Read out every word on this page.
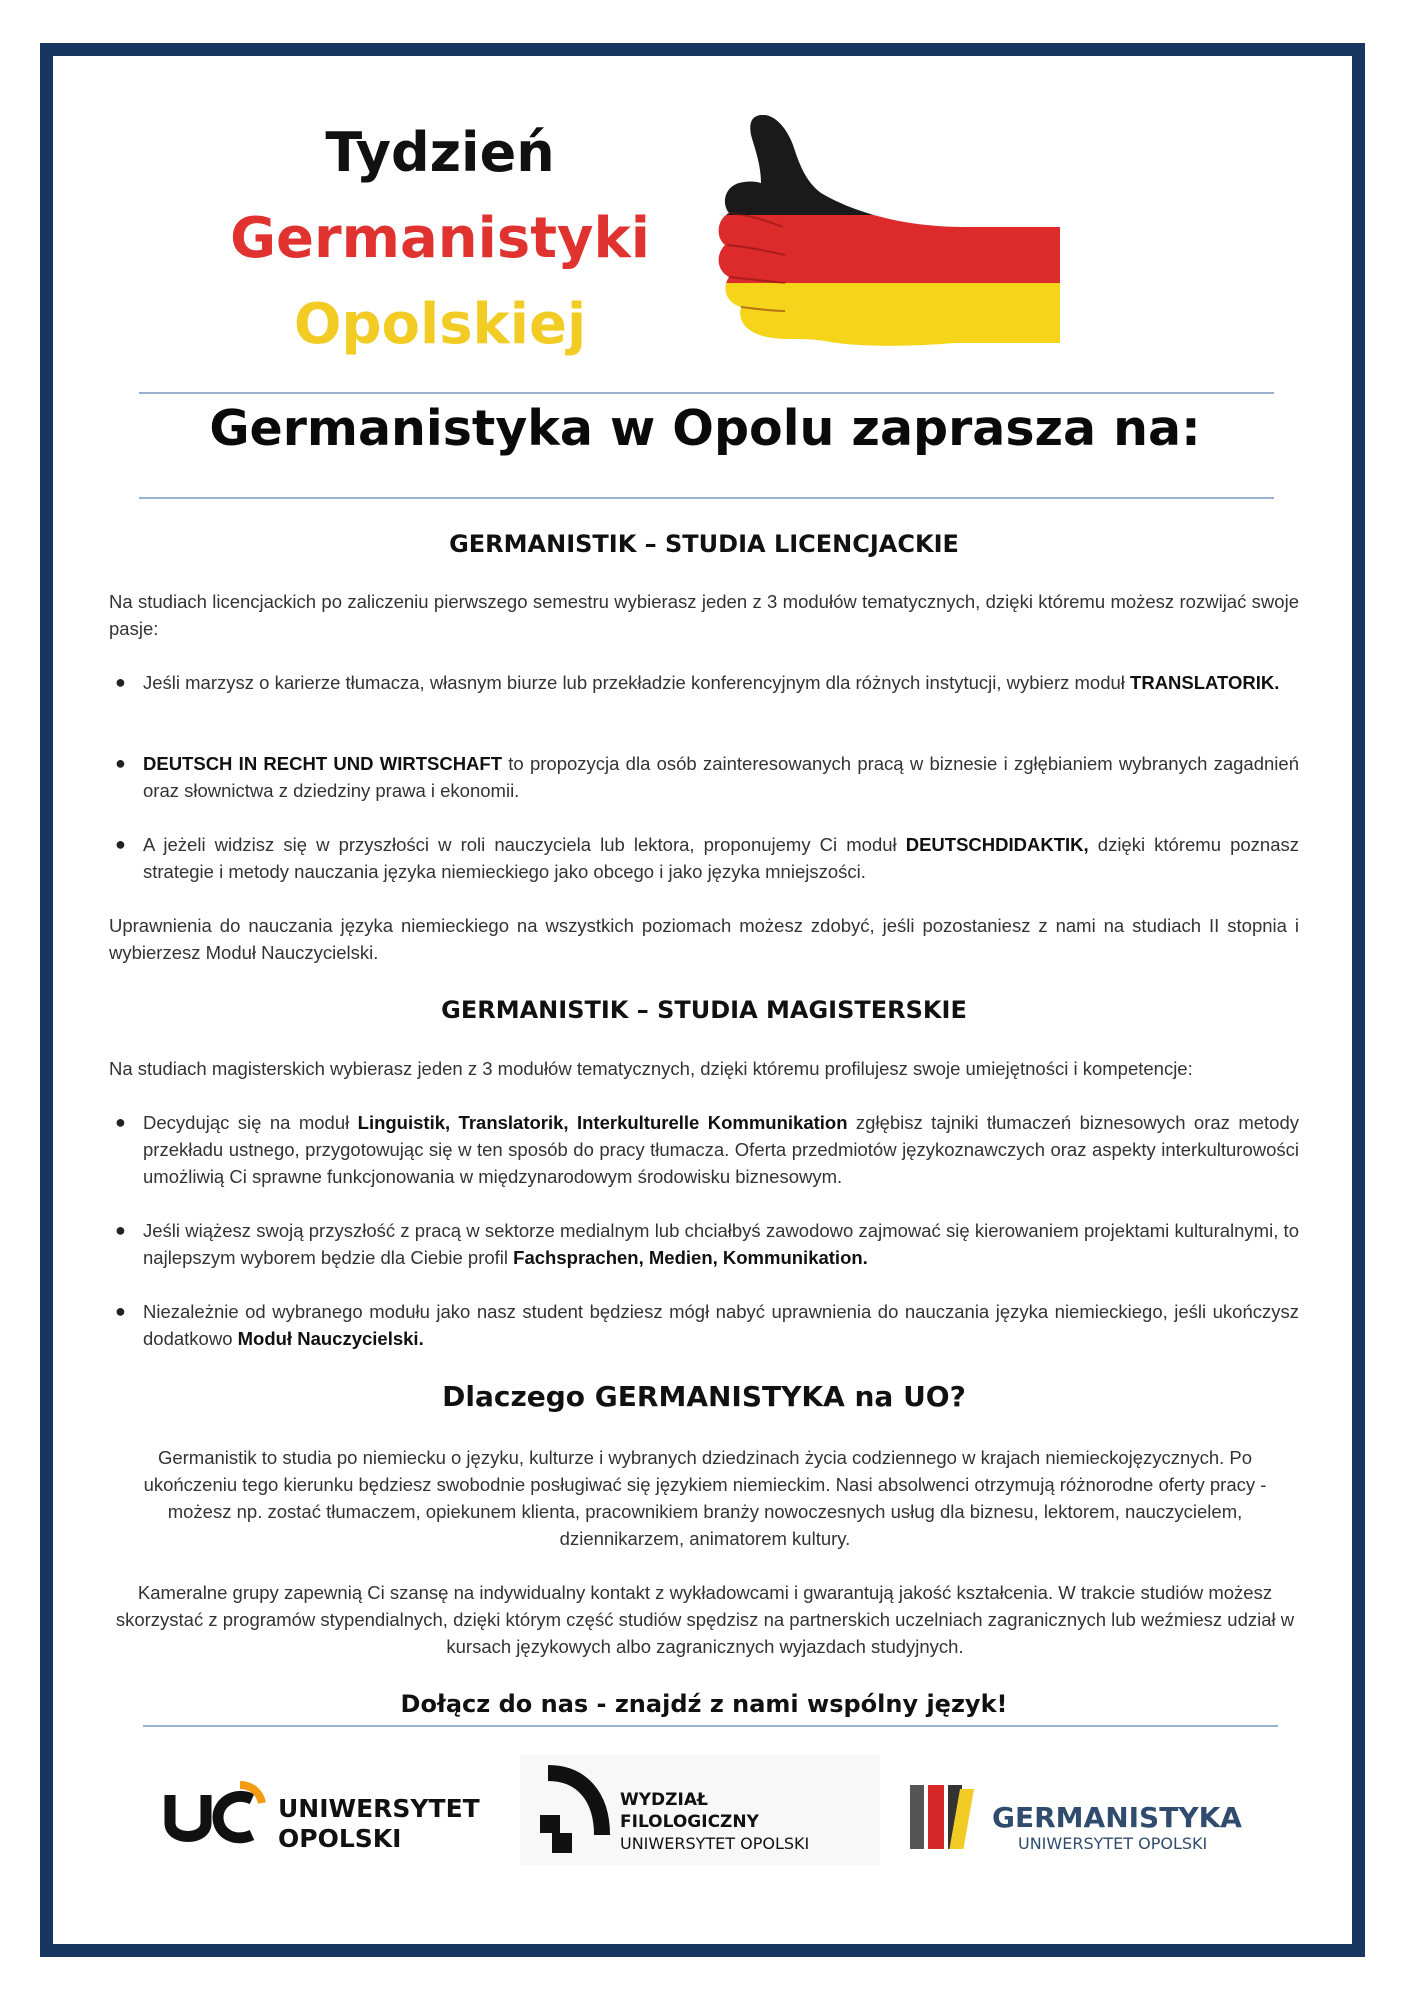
Tydzień
Germanistyki
Opolskiej
Germanistyka w Opolu zaprasza na:
GERMANISTIK – STUDIA LICENCJACKIE
Na studiach licencjackich po zaliczeniu pierwszego semestru wybierasz jeden z 3 modułów tematycznych, dzięki któremu możesz rozwijać swoje pasje:
● Jeśli marzysz o karierze tłumacza, własnym biurze lub przekładzie konferencyjnym dla różnych instytucji, wybierz moduł TRANSLATORIK.
● DEUTSCH IN RECHT UND WIRTSCHAFT to propozycja dla osób zainteresowanych pracą w biznesie i zgłębianiem wybranych zagadnień oraz słownictwa z dziedziny prawa i ekonomii.
● A jeżeli widzisz się w przyszłości w roli nauczyciela lub lektora, proponujemy Ci moduł DEUTSCHDIDAKTIK, dzięki któremu poznasz strategie i metody nauczania języka niemieckiego jako obcego i jako języka mniejszości.
Uprawnienia do nauczania języka niemieckiego na wszystkich poziomach możesz zdobyć, jeśli pozostaniesz z nami na studiach II stopnia i wybierzesz Moduł Nauczycielski.
GERMANISTIK – STUDIA MAGISTERSKIE
Na studiach magisterskich wybierasz jeden z 3 modułów tematycznych, dzięki któremu profilujesz swoje umiejętności i kompetencje:
● Decydując się na moduł Linguistik, Translatorik, Interkulturelle Kommunikation zgłębisz tajniki tłumaczeń biznesowych oraz metody przekładu ustnego, przygotowując się w ten sposób do pracy tłumacza. Oferta przedmiotów językoznawczych oraz aspekty interkulturowości umożliwią Ci sprawne funkcjonowania w międzynarodowym środowisku biznesowym.
● Jeśli wiążesz swoją przyszłość z pracą w sektorze medialnym lub chciałbyś zawodowo zajmować się kierowaniem projektami kulturalnymi, to najlepszym wyborem będzie dla Ciebie profil Fachsprachen, Medien, Kommunikation.
● Niezależnie od wybranego modułu jako nasz student będziesz mógł nabyć uprawnienia do nauczania języka niemieckiego, jeśli ukończysz dodatkowo Moduł Nauczycielski.
Dlaczego GERMANISTYKA na UO?
Germanistik to studia po niemiecku o języku, kulturze i wybranych dziedzinach życia codziennego w krajach niemieckojęzycznych. Po ukończeniu tego kierunku będziesz swobodnie posługiwać się językiem niemieckim. Nasi absolwenci otrzymują różnorodne oferty pracy - możesz np. zostać tłumaczem, opiekunem klienta, pracownikiem branży nowoczesnych usług dla biznesu, lektorem, nauczycielem, dziennikarzem, animatorem kultury.
Kameralne grupy zapewnią Ci szansę na indywidualny kontakt z wykładowcami i gwarantują jakość kształcenia. W trakcie studiów możesz skorzystać z programów stypendialnych, dzięki którym część studiów spędzisz na partnerskich uczelniach zagranicznych lub weźmiesz udział w kursach językowych albo zagranicznych wyjazdach studyjnych.
Dołącz do nas - znajdź z nami wspólny język!
UNIWERSYTET
OPOLSKI
WYDZIAŁ
FILOLOGICZNY
UNIWERSYTET OPOLSKI
GERMANISTYKA
UNIWERSYTET OPOLSKI
